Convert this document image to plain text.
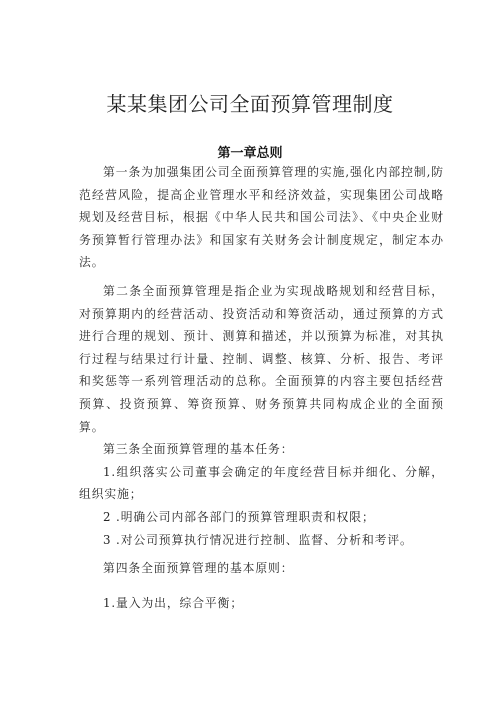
某某集团公司全面预算管理制度
第一章总则

第一条为加强集团公司全面预算管理的实施,强化内部控制,防范经营风险，提高企业管理水平和经济效益，实现集团公司战略规划及经营目标，根据《中华人民共和国公司法》、《中央企业财务预算暂行管理办法》和国家有关财务会计制度规定，制定本办法。

第二条全面预算管理是指企业为实现战略规划和经营目标，对预算期内的经营活动、投资活动和筹资活动，通过预算的方式进行合理的规划、预计、测算和描述，并以预算为标准，对其执行过程与结果过行计量、控制、调整、核算、分析、报告、考评和奖惩等一系列管理活动的总称。全面预算的内容主要包括经营预算、投资预算、筹资预算、财务预算共同构成企业的全面预算。

第三条全面预算管理的基本任务：

1.组织落实公司董事会确定的年度经营目标并细化、分解，组织实施；

2 .明确公司内部各部门的预算管理职责和权限；

3 .对公司预算执行情况进行控制、监督、分析和考评。

第四条全面预算管理的基本原则：

1.量入为出，综合平衡；
